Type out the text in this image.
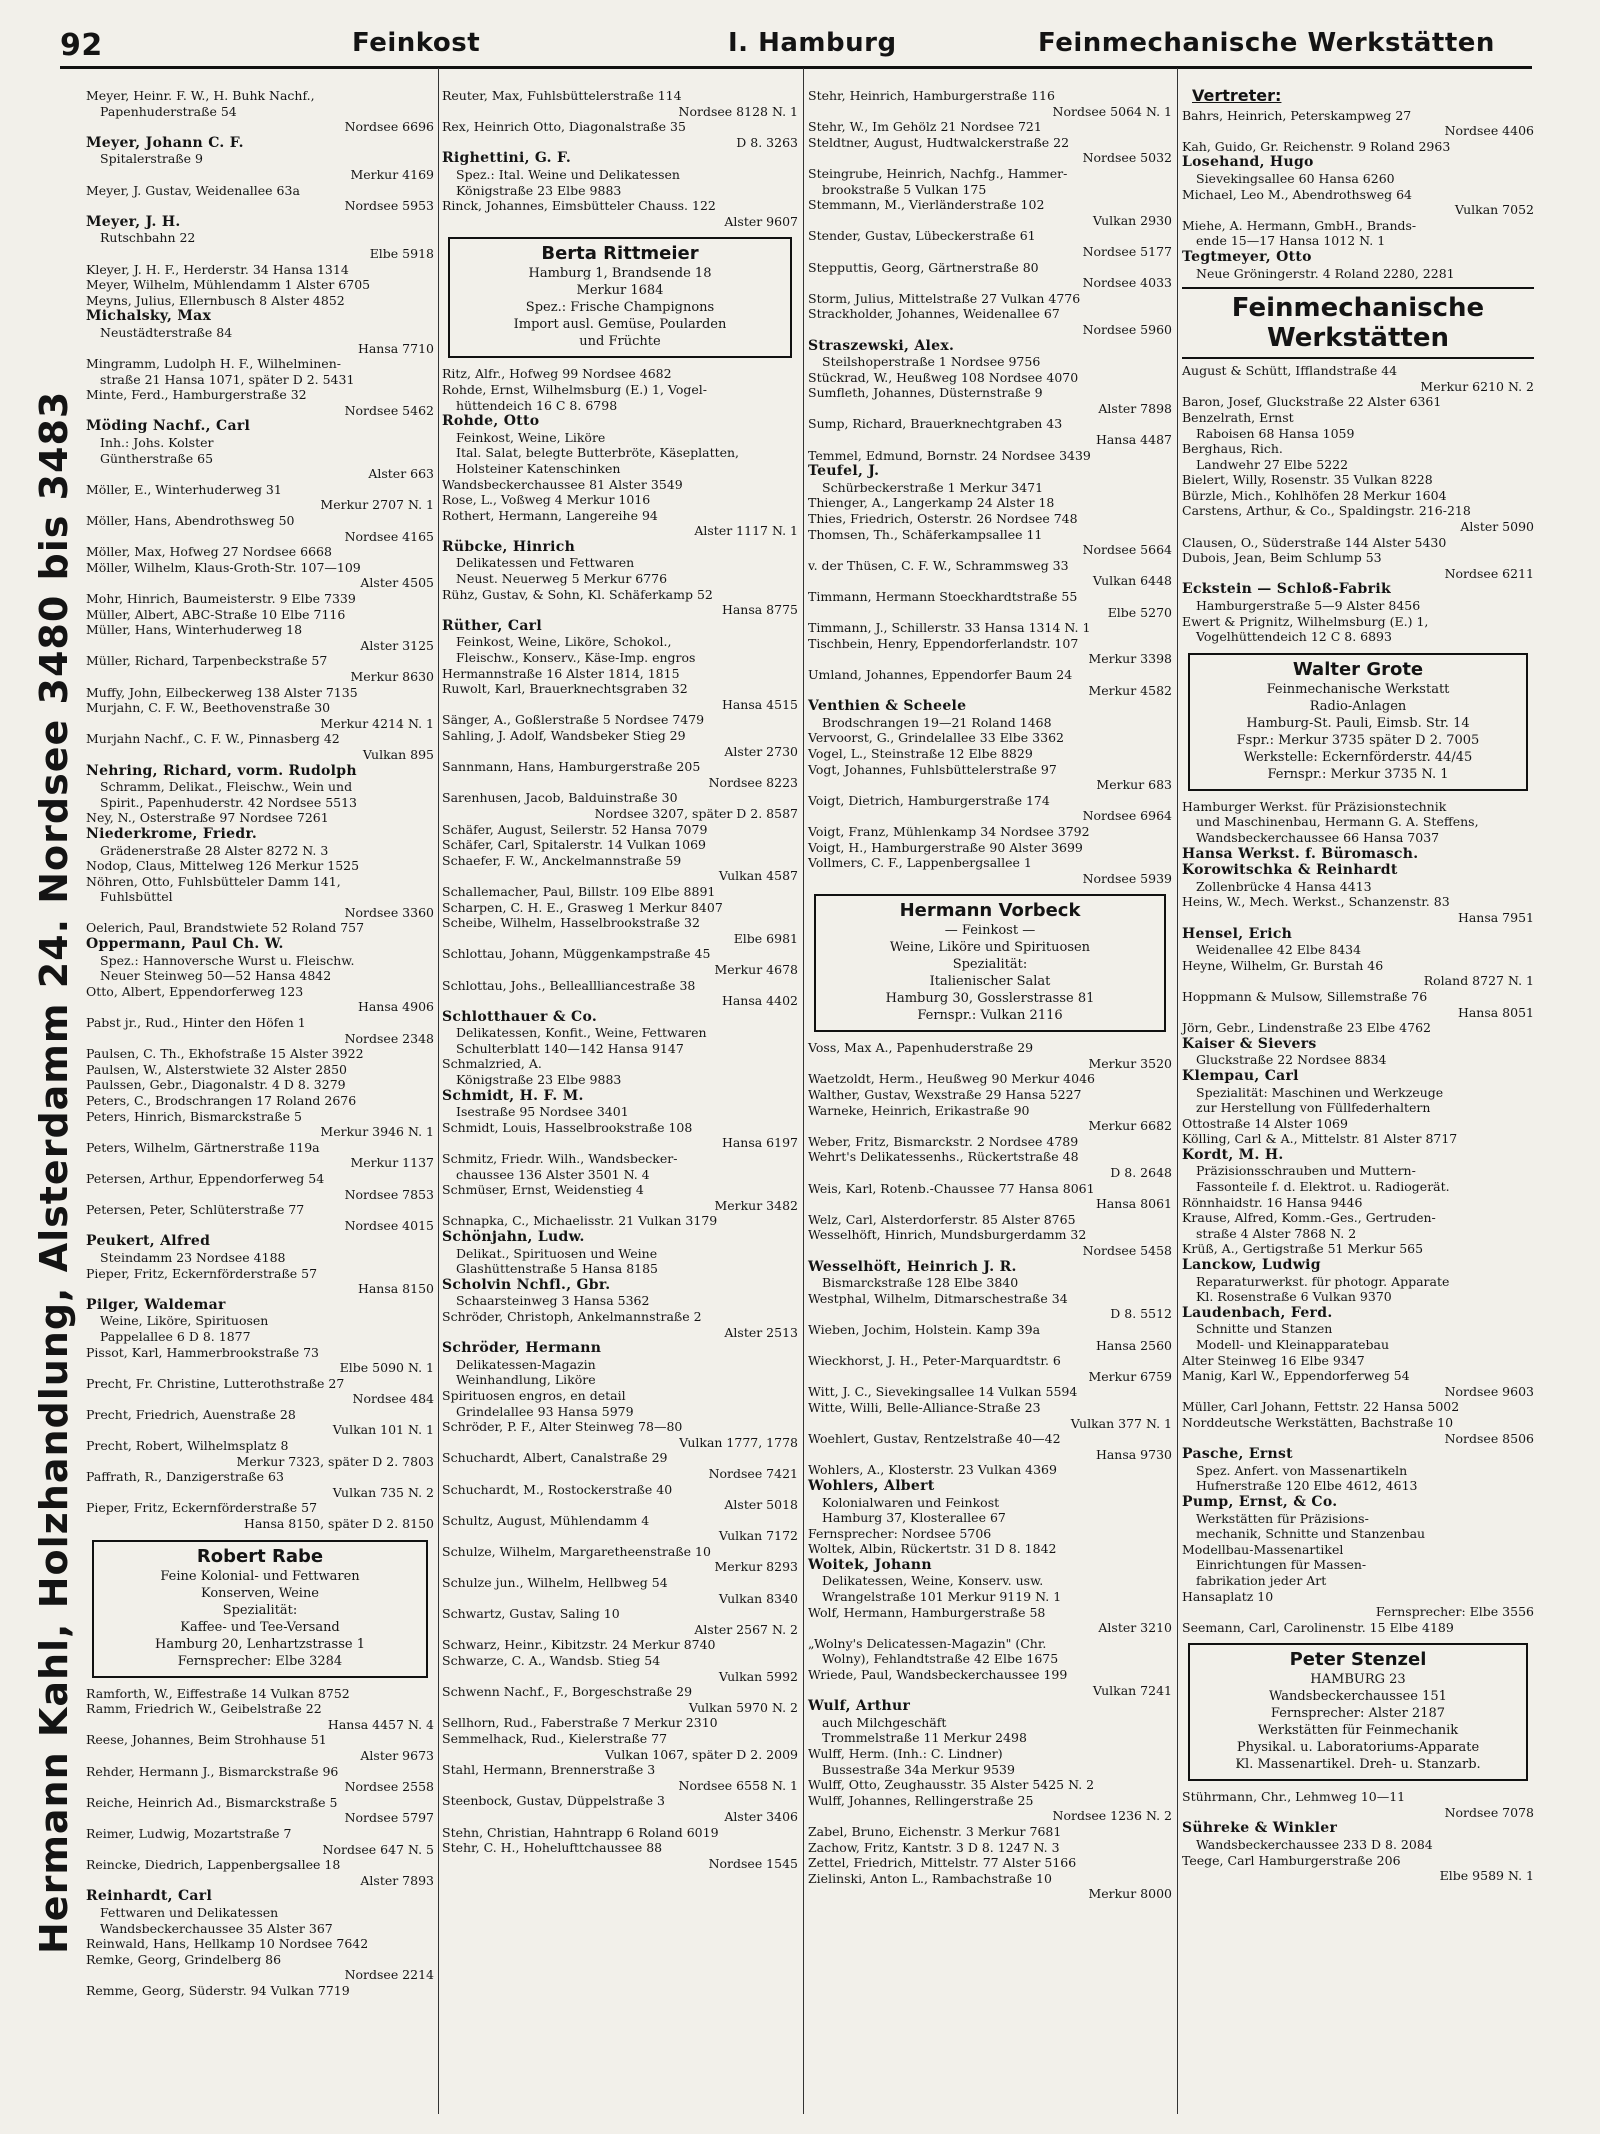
92	Feinkost	I. Hamburg	Feinmechanische Werkstätten
Hermann Kahl, Holzhandlung, Alsterdamm 24. Nordsee 3480 bis 3483
Meyer, Heinr. F. W., H. Buhk Nachf.,
Papenhuderstraße 54
Nordsee 6696
Meyer, Johann C. F.
Spitalerstraße 9
Merkur 4169
Meyer, J. Gustav, Weidenallee 63a
Nordsee 5953
Meyer, J. H.
Rutschbahn 22
Elbe 5918
Kleyer, J. H. F., Herderstr. 34 Hansa 1314
Meyer, Wilhelm, Mühlendamm 1 Alster 6705
Meyns, Julius, Ellernbusch 8 Alster 4852
Michalsky, Max
Neustädterstraße 84
Hansa 7710
Mingramm, Ludolph H. F., Wilhelminen-
straße 21 Hansa 1071, später D 2. 5431
Minte, Ferd., Hamburgerstraße 32
Nordsee 5462
Möding Nachf., Carl
Inh.: Johs. Kolster
Güntherstraße 65
Alster 663
Möller, E., Winterhuderweg 31
Merkur 2707 N. 1
Möller, Hans, Abendrothsweg 50
Nordsee 4165
Möller, Max, Hofweg 27 Nordsee 6668
Möller, Wilhelm, Klaus-Groth-Str. 107—109
Alster 4505
Mohr, Hinrich, Baumeisterstr. 9 Elbe 7339
Müller, Albert, ABC-Straße 10 Elbe 7116
Müller, Hans, Winterhuderweg 18
Alster 3125
Müller, Richard, Tarpenbeckstraße 57
Merkur 8630
Muffy, John, Eilbeckerweg 138 Alster 7135
Murjahn, C. F. W., Beethovenstraße 30
Merkur 4214 N. 1
Murjahn Nachf., C. F. W., Pinnasberg 42
Vulkan 895
Nehring, Richard, vorm. Rudolph
Schramm, Delikat., Fleischw., Wein und
Spirit., Papenhuderstr. 42 Nordsee 5513
Ney, N., Osterstraße 97 Nordsee 7261
Niederkrome, Friedr.
Grädenerstraße 28 Alster 8272 N. 3
Nodop, Claus, Mittelweg 126 Merkur 1525
Nöhren, Otto, Fuhlsbütteler Damm 141,
Fuhlsbüttel
Nordsee 3360
Oelerich, Paul, Brandstwiete 52 Roland 757
Oppermann, Paul Ch. W.
Spez.: Hannoversche Wurst u. Fleischw.
Neuer Steinweg 50—52 Hansa 4842
Otto, Albert, Eppendorferweg 123
Hansa 4906
Pabst jr., Rud., Hinter den Höfen 1
Nordsee 2348
Paulsen, C. Th., Ekhofstraße 15 Alster 3922
Paulsen, W., Alsterstwiete 32 Alster 2850
Paulssen, Gebr., Diagonalstr. 4 D 8. 3279
Peters, C., Brodschrangen 17 Roland 2676
Peters, Hinrich, Bismarckstraße 5
Merkur 3946 N. 1
Peters, Wilhelm, Gärtnerstraße 119a
Merkur 1137
Petersen, Arthur, Eppendorferweg 54
Nordsee 7853
Petersen, Peter, Schlüterstraße 77
Nordsee 4015
Peukert, Alfred
Steindamm 23 Nordsee 4188
Pieper, Fritz, Eckernförderstraße 57
Hansa 8150
Pilger, Waldemar
Weine, Liköre, Spirituosen
Pappelallee 6 D 8. 1877
Pissot, Karl, Hammerbrookstraße 73
Elbe 5090 N. 1
Precht, Fr. Christine, Lutterothstraße 27
Nordsee 484
Precht, Friedrich, Auenstraße 28
Vulkan 101 N. 1
Precht, Robert, Wilhelmsplatz 8
Merkur 7323, später D 2. 7803
Paffrath, R., Danzigerstraße 63
Vulkan 735 N. 2
Pieper, Fritz, Eckernförderstraße 57
Hansa 8150, später D 2. 8150
Robert Rabe
Feine Kolonial- und Fettwaren
Konserven, Weine
Spezialität:
Kaffee- und Tee-Versand
Hamburg 20, Lenhartzstrasse 1
Fernsprecher: Elbe 3284
Ramforth, W., Eiffestraße 14 Vulkan 8752
Ramm, Friedrich W., Geibelstraße 22
Hansa 4457 N. 4
Reese, Johannes, Beim Strohhause 51
Alster 9673
Rehder, Hermann J., Bismarckstraße 96
Nordsee 2558
Reiche, Heinrich Ad., Bismarckstraße 5
Nordsee 5797
Reimer, Ludwig, Mozartstraße 7
Nordsee 647 N. 5
Reincke, Diedrich, Lappenbergsallee 18
Alster 7893
Reinhardt, Carl
Fettwaren und Delikatessen
Wandsbeckerchaussee 35 Alster 367
Reinwald, Hans, Hellkamp 10 Nordsee 7642
Remke, Georg, Grindelberg 86
Nordsee 2214
Remme, Georg, Süderstr. 94 Vulkan 7719
Reuter, Max, Fuhlsbüttelerstraße 114
Nordsee 8128 N. 1
Rex, Heinrich Otto, Diagonalstraße 35
D 8. 3263
Righettini, G. F.
Spez.: Ital. Weine und Delikatessen
Königstraße 23 Elbe 9883
Rinck, Johannes, Eimsbütteler Chauss. 122
Alster 9607
Berta Rittmeier
Hamburg 1, Brandsende 18
Merkur 1684
Spez.: Frische Champignons
Import ausl. Gemüse, Poularden
und Früchte
Ritz, Alfr., Hofweg 99 Nordsee 4682
Rohde, Ernst, Wilhelmsburg (E.) 1, Vogel-
hüttendeich 16 C 8. 6798
Rohde, Otto
Feinkost, Weine, Liköre
Ital. Salat, belegte Butterbröte, Käseplatten, Holsteiner Katenschinken
Wandsbeckerchaussee 81 Alster 3549
Rose, L., Voßweg 4 Merkur 1016
Rothert, Hermann, Langereihe 94
Alster 1117 N. 1
Rübcke, Hinrich
Delikatessen und Fettwaren
Neust. Neuerweg 5 Merkur 6776
Rühz, Gustav, & Sohn, Kl. Schäferkamp 52
Hansa 8775
Rüther, Carl
Feinkost, Weine, Liköre, Schokol.,
Fleischw., Konserv., Käse-Imp. engros
Hermannstraße 16 Alster 1814, 1815
Ruwolt, Karl, Brauerknechtsgraben 32
Hansa 4515
Sänger, A., Goßlerstraße 5 Nordsee 7479
Sahling, J. Adolf, Wandsbeker Stieg 29
Alster 2730
Sannmann, Hans, Hamburgerstraße 205
Nordsee 8223
Sarenhusen, Jacob, Balduinstraße 30
Nordsee 3207, später D 2. 8587
Schäfer, August, Seilerstr. 52 Hansa 7079
Schäfer, Carl, Spitalerstr. 14 Vulkan 1069
Schaefer, F. W., Anckelmannstraße 59
Vulkan 4587
Schallemacher, Paul, Billstr. 109 Elbe 8891
Scharpen, C. H. E., Grasweg 1 Merkur 8407
Scheibe, Wilhelm, Hasselbrookstraße 32
Elbe 6981
Schlottau, Johann, Müggenkampstraße 45
Merkur 4678
Schlottau, Johs., Belleallliancestraße 38
Hansa 4402
Schlotthauer & Co.
Delikatessen, Konfit., Weine, Fettwaren
Schulterblatt 140—142 Hansa 9147
Schmalzried, A.
Königstraße 23 Elbe 9883
Schmidt, H. F. M.
Isestraße 95 Nordsee 3401
Schmidt, Louis, Hasselbrookstraße 108
Hansa 6197
Schmitz, Friedr. Wilh., Wandsbecker-
chaussee 136 Alster 3501 N. 4
Schmüser, Ernst, Weidenstieg 4
Merkur 3482
Schnapka, C., Michaelisstr. 21 Vulkan 3179
Schönjahn, Ludw.
Delikat., Spirituosen und Weine
Glashüttenstraße 5 Hansa 8185
Scholvin Nchfl., Gbr.
Schaarsteinweg 3 Hansa 5362
Schröder, Christoph, Ankelmannstraße 2
Alster 2513
Schröder, Hermann
Delikatessen-Magazin
Weinhandlung, Liköre
Spirituosen engros, en detail
Grindelallee 93 Hansa 5979
Schröder, P. F., Alter Steinweg 78—80
Vulkan 1777, 1778
Schuchardt, Albert, Canalstraße 29
Nordsee 7421
Schuchardt, M., Rostockerstraße 40
Alster 5018
Schultz, August, Mühlendamm 4
Vulkan 7172
Schulze, Wilhelm, Margaretheenstraße 10
Merkur 8293
Schulze jun., Wilhelm, Hellbweg 54
Vulkan 8340
Schwartz, Gustav, Saling 10
Alster 2567 N. 2
Schwarz, Heinr., Kibitzstr. 24 Merkur 8740
Schwarze, C. A., Wandsb. Stieg 54
Vulkan 5992
Schwenn Nachf., F., Borgeschstraße 29
Vulkan 5970 N. 2
Sellhorn, Rud., Faberstraße 7 Merkur 2310
Semmelhack, Rud., Kielerstraße 77
Vulkan 1067, später D 2. 2009
Stahl, Hermann, Brennerstraße 3
Nordsee 6558 N. 1
Steenbock, Gustav, Düppelstraße 3
Alster 3406
Stehn, Christian, Hahntrapp 6 Roland 6019
Stehr, C. H., Hohelufttchaussee 88
Nordsee 1545
Stehr, Heinrich, Hamburgerstraße 116
Nordsee 5064 N. 1
Stehr, W., Im Gehölz 21 Nordsee 721
Steldtner, August, Hudtwalckerstraße 22
Nordsee 5032
Steingrube, Heinrich, Nachfg., Hammer-
brookstraße 5 Vulkan 175
Stemmann, M., Vierländerstraße 102
Vulkan 2930
Stender, Gustav, Lübeckerstraße 61
Nordsee 5177
Stepputtis, Georg, Gärtnerstraße 80
Nordsee 4033
Storm, Julius, Mittelstraße 27 Vulkan 4776
Strackholder, Johannes, Weidenallee 67
Nordsee 5960
Straszewski, Alex.
Steilshoperstraße 1 Nordsee 9756
Stückrad, W., Heußweg 108 Nordsee 4070
Sumfleth, Johannes, Düsternstraße 9
Alster 7898
Sump, Richard, Brauerknechtgraben 43
Hansa 4487
Temmel, Edmund, Bornstr. 24 Nordsee 3439
Teufel, J.
Schürbeckerstraße 1 Merkur 3471
Thienger, A., Langerkamp 24 Alster 18
Thies, Friedrich, Osterstr. 26 Nordsee 748
Thomsen, Th., Schäferkampsallee 11
Nordsee 5664
v. der Thüsen, C. F. W., Schrammsweg 33
Vulkan 6448
Timmann, Hermann Stoeckhardtstraße 55
Elbe 5270
Timmann, J., Schillerstr. 33 Hansa 1314 N. 1
Tischbein, Henry, Eppendorferlandstr. 107
Merkur 3398
Umland, Johannes, Eppendorfer Baum 24
Merkur 4582
Venthien & Scheele
Brodschrangen 19—21 Roland 1468
Vervoorst, G., Grindelallee 33 Elbe 3362
Vogel, L., Steinstraße 12 Elbe 8829
Vogt, Johannes, Fuhlsbüttelerstraße 97
Merkur 683
Voigt, Dietrich, Hamburgerstraße 174
Nordsee 6964
Voigt, Franz, Mühlenkamp 34 Nordsee 3792
Voigt, H., Hamburgerstraße 90 Alster 3699
Vollmers, C. F., Lappenbergsallee 1
Nordsee 5939
Hermann Vorbeck
— Feinkost —
Weine, Liköre und Spirituosen
Spezialität:
Italienischer Salat
Hamburg 30, Gosslerstrasse 81
Fernspr.: Vulkan 2116
Voss, Max A., Papenhuderstraße 29
Merkur 3520
Waetzoldt, Herm., Heußweg 90 Merkur 4046
Walther, Gustav, Wexstraße 29 Hansa 5227
Warneke, Heinrich, Erikastraße 90
Merkur 6682
Weber, Fritz, Bismarckstr. 2 Nordsee 4789
Wehrt's Delikatessenhs., Rückertstraße 48
D 8. 2648
Weis, Karl, Rotenb.-Chaussee 77 Hansa 8061
Hansa 8061
Welz, Carl, Alsterdorferstr. 85 Alster 8765
Wesselhöft, Hinrich, Mundsburgerdamm 32
Nordsee 5458
Wesselhöft, Heinrich J. R.
Bismarckstraße 128 Elbe 3840
Westphal, Wilhelm, Ditmarschestraße 34
D 8. 5512
Wieben, Jochim, Holstein. Kamp 39a
Hansa 2560
Wieckhorst, J. H., Peter-Marquardtstr. 6
Merkur 6759
Witt, J. C., Sievekingsallee 14 Vulkan 5594
Witte, Willi, Belle-Alliance-Straße 23
Vulkan 377 N. 1
Woehlert, Gustav, Rentzelstraße 40—42
Hansa 9730
Wohlers, A., Klosterstr. 23 Vulkan 4369
Wohlers, Albert
Kolonialwaren und Feinkost
Hamburg 37, Klosterallee 67
Fernsprecher: Nordsee 5706
Woltek, Albin, Rückertstr. 31 D 8. 1842
Woitek, Johann
Delikatessen, Weine, Konserv. usw.
Wrangelstraße 101 Merkur 9119 N. 1
Wolf, Hermann, Hamburgerstraße 58
Alster 3210
„Wolny's Delicatessen-Magazin" (Chr.
Wolny), Fehlandtstraße 42 Elbe 1675
Wriede, Paul, Wandsbeckerchaussee 199
Vulkan 7241
Wulf, Arthur
auch Milchgeschäft
Trommelstraße 11 Merkur 2498
Wulff, Herm. (Inh.: C. Lindner)
Bussestraße 34a Merkur 9539
Wulff, Otto, Zeughausstr. 35 Alster 5425 N. 2
Wulff, Johannes, Rellingerstraße 25
Nordsee 1236 N. 2
Zabel, Bruno, Eichenstr. 3 Merkur 7681
Zachow, Fritz, Kantstr. 3 D 8. 1247 N. 3
Zettel, Friedrich, Mittelstr. 77 Alster 5166
Zielinski, Anton L., Rambachstraße 10
Merkur 8000
Vertreter:
Bahrs, Heinrich, Peterskampweg 27
Nordsee 4406
Kah, Guido, Gr. Reichenstr. 9 Roland 2963
Losehand, Hugo
Sievekingsallee 60 Hansa 6260
Michael, Leo M., Abendrothsweg 64
Vulkan 7052
Miehe, A. Hermann, GmbH., Brands-
ende 15—17 Hansa 1012 N. 1
Tegtmeyer, Otto
Neue Gröningerstr. 4 Roland 2280, 2281
Feinmechanische Werkstätten
August & Schütt, Ifflandstraße 44
Merkur 6210 N. 2
Baron, Josef, Gluckstraße 22 Alster 6361
Benzelrath, Ernst
Raboisen 68 Hansa 1059
Berghaus, Rich.
Landwehr 27 Elbe 5222
Bielert, Willy, Rosenstr. 35 Vulkan 8228
Bürzle, Mich., Kohlhöfen 28 Merkur 1604
Carstens, Arthur, & Co., Spaldingstr. 216-218
Alster 5090
Clausen, O., Süderstraße 144 Alster 5430
Dubois, Jean, Beim Schlump 53
Nordsee 6211
Eckstein — Schloß-Fabrik
Hamburgerstraße 5—9 Alster 8456
Ewert & Prignitz, Wilhelmsburg (E.) 1,
Vogelhüttendeich 12 C 8. 6893
Walter Grote
Feinmechanische Werkstatt
Radio-Anlagen
Hamburg-St. Pauli, Eimsb. Str. 14
Fspr.: Merkur 3735 später D 2. 7005
Werkstelle: Eckernförderstr. 44/45
Fernspr.: Merkur 3735 N. 1
Hamburger Werkst. für Präzisionstechnik
und Maschinenbau, Hermann G. A. Steffens, Wandsbeckerchaussee 66 Hansa 7037
Hansa Werkst. f. Büromasch.
Korowitschka & Reinhardt
Zollenbrücke 4 Hansa 4413
Heins, W., Mech. Werkst., Schanzenstr. 83
Hansa 7951
Hensel, Erich
Weidenallee 42 Elbe 8434
Heyne, Wilhelm, Gr. Burstah 46
Roland 8727 N. 1
Hoppmann & Mulsow, Sillemstraße 76
Hansa 8051
Jörn, Gebr., Lindenstraße 23 Elbe 4762
Kaiser & Sievers
Gluckstraße 22 Nordsee 8834
Klempau, Carl
Spezialität: Maschinen und Werkzeuge
zur Herstellung von Füllfederhaltern
Ottostraße 14 Alster 1069
Kölling, Carl & A., Mittelstr. 81 Alster 8717
Kordt, M. H.
Präzisionsschrauben und Muttern-
Fassonteile f. d. Elektrot. u. Radiogerät.
Rönnhaidstr. 16 Hansa 9446
Krause, Alfred, Komm.-Ges., Gertruden-
straße 4 Alster 7868 N. 2
Krüß, A., Gertigstraße 51 Merkur 565
Lanckow, Ludwig
Reparaturwerkst. für photogr. Apparate
Kl. Rosenstraße 6 Vulkan 9370
Laudenbach, Ferd.
Schnitte und Stanzen
Modell- und Kleinapparatebau
Alter Steinweg 16 Elbe 9347
Manig, Karl W., Eppendorferweg 54
Nordsee 9603
Müller, Carl Johann, Fettstr. 22 Hansa 5002
Norddeutsche Werkstätten, Bachstraße 10
Nordsee 8506
Pasche, Ernst
Spez. Anfert. von Massenartikeln
Hufnerstraße 120 Elbe 4612, 4613
Pump, Ernst, & Co.
Werkstätten für Präzisions-
mechanik, Schnitte und Stanzenbau
Modellbau-Massenartikel
Einrichtungen für Massen-
fabrikation jeder Art
Hansaplatz 10
Fernsprecher: Elbe 3556
Seemann, Carl, Carolinenstr. 15 Elbe 4189
Peter Stenzel
HAMBURG 23
Wandsbeckerchaussee 151
Fernsprecher: Alster 2187
Werkstätten für Feinmechanik
Physikal. u. Laboratoriums-Apparate
Kl. Massenartikel. Dreh- u. Stanzarb.
Stührmann, Chr., Lehmweg 10—11
Nordsee 7078
Sühreke & Winkler
Wandsbeckerchaussee 233 D 8. 2084
Teege, Carl Hamburgerstraße 206
Elbe 9589 N. 1
